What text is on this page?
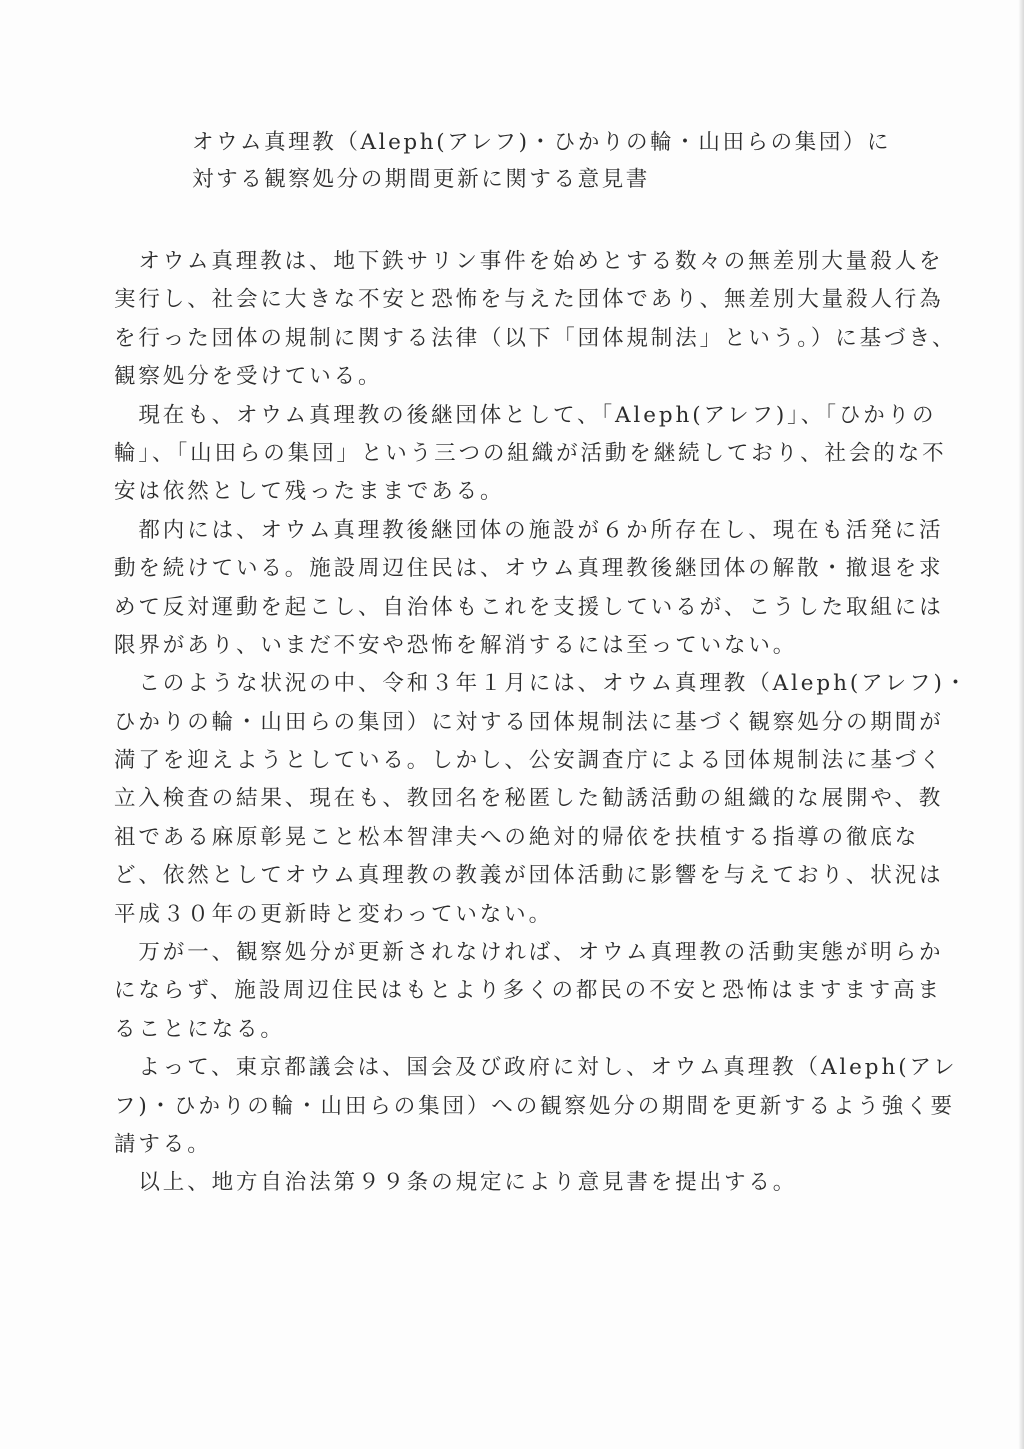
オウム真理教（Aleph(アレフ)・ひかりの輪・山田らの集団）に
対する観察処分の期間更新に関する意見書

　オウム真理教は、地下鉄サリン事件を始めとする数々の無差別大量殺人を
実行し、社会に大きな不安と恐怖を与えた団体であり、無差別大量殺人行為
を行った団体の規制に関する法律（以下「団体規制法」という。）に基づき、
観察処分を受けている。

　現在も、オウム真理教の後継団体として、「Aleph(アレフ)」、「ひかりの
輪」、「山田らの集団」という三つの組織が活動を継続しており、社会的な不
安は依然として残ったままである。

　都内には、オウム真理教後継団体の施設が６か所存在し、現在も活発に活
動を続けている。施設周辺住民は、オウム真理教後継団体の解散・撤退を求
めて反対運動を起こし、自治体もこれを支援しているが、こうした取組には
限界があり、いまだ不安や恐怖を解消するには至っていない。

　このような状況の中、令和３年１月には、オウム真理教（Aleph(アレフ)・
ひかりの輪・山田らの集団）に対する団体規制法に基づく観察処分の期間が
満了を迎えようとしている。しかし、公安調査庁による団体規制法に基づく
立入検査の結果、現在も、教団名を秘匿した勧誘活動の組織的な展開や、教
祖である麻原彰晃こと松本智津夫への絶対的帰依を扶植する指導の徹底な
ど、依然としてオウム真理教の教義が団体活動に影響を与えており、状況は
平成３０年の更新時と変わっていない。

　万が一、観察処分が更新されなければ、オウム真理教の活動実態が明らか
にならず、施設周辺住民はもとより多くの都民の不安と恐怖はますます高ま
ることになる。

　よって、東京都議会は、国会及び政府に対し、オウム真理教（Aleph(アレ
フ)・ひかりの輪・山田らの集団）への観察処分の期間を更新するよう強く要
請する。

　以上、地方自治法第９９条の規定により意見書を提出する。
